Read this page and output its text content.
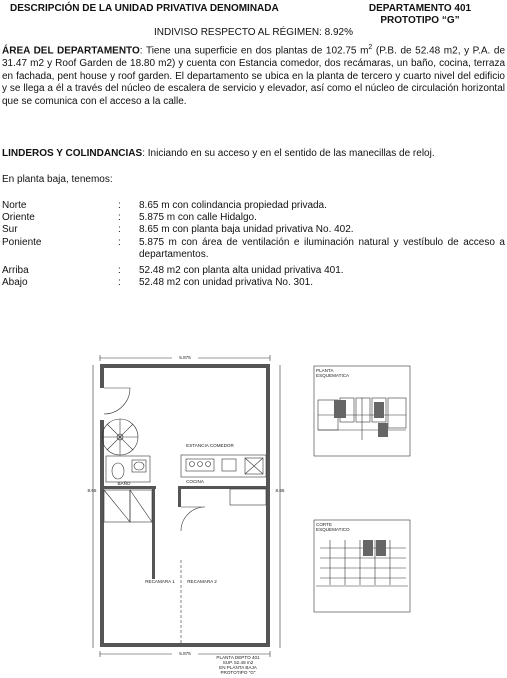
DESCRIPCIÓN DE LA UNIDAD PRIVATIVA DENOMINADA	DEPARTAMENTO 401
PROTOTIPO “G”
INDIVISO RESPECTO AL RÉGIMEN: 8.92%
ÁREA DEL DEPARTAMENTO: Tiene una superficie en dos plantas de 102.75 $m^2$ (P.B. de 52.48 m2, y P.A. de 31.47 m2 y Roof Garden de 18.80 m2) y cuenta con Estancia comedor, dos recámaras, un baño, cocina, terraza en fachada, pent house y roof garden. El departamento se ubica en la planta de tercero y cuarto nivel del edificio y se llega a él a través del núcleo de escalera de servicio y elevador, así como el núcleo de circulación horizontal que se comunica con el acceso a la calle.
LINDEROS Y COLINDANCIAS: Iniciando en su acceso y en el sentido de las manecillas de reloj.
En planta baja, tenemos:
Norte	: 8.65 m con colindancia propiedad privada.
Oriente	: 5.875 m con calle Hidalgo.
Sur	: 8.65 m con planta baja unidad privativa No. 402.
Poniente	: 5.875 m con área de ventilación e iluminación natural y vestíbulo de acceso a departamentos.
Arriba	: 52.48 m2 con planta alta unidad privativa 401.
Abajo	: 52.48 m2 con unidad privativa No. 301.
5.875
5.875
8.65	8.65
ESTANCIA COMEDOR
BAÑO	COCINA
RECAMARA 1	RECAMARA 2
PLANTA DEPTO 401
SUP. 52.48 m2
EN PLANTA BAJA
PROTOTIPO "G"
PLANTA ESQUEMATICA
CORTE ESQUEMATICO
